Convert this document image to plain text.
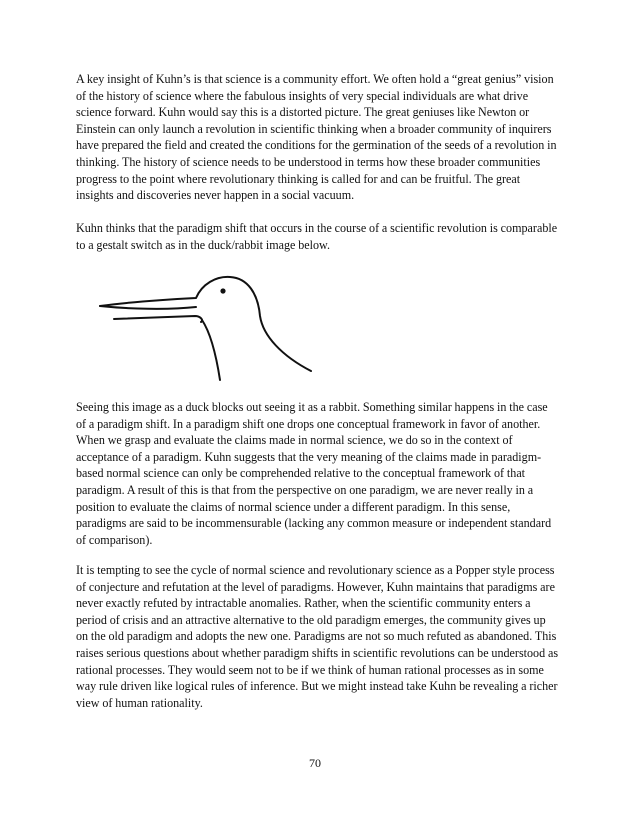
A key insight of Kuhn’s is that science is a community effort. We often hold a “great genius” vision of the history of science where the fabulous insights of very special individuals are what drive science forward. Kuhn would say this is a distorted picture. The great geniuses like Newton or Einstein can only launch a revolution in scientific thinking when a broader community of inquirers have prepared the field and created the conditions for the germination of the seeds of a revolution in thinking. The history of science needs to be understood in terms how these broader communities progress to the point where revolutionary thinking is called for and can be fruitful. The great insights and discoveries never happen in a social vacuum.

Kuhn thinks that the paradigm shift that occurs in the course of a scientific revolution is comparable to a gestalt switch as in the duck/rabbit image below.

Seeing this image as a duck blocks out seeing it as a rabbit. Something similar happens in the case of a paradigm shift. In a paradigm shift one drops one conceptual framework in favor of another. When we grasp and evaluate the claims made in normal science, we do so in the context of acceptance of a paradigm. Kuhn suggests that the very meaning of the claims made in paradigm-based normal science can only be comprehended relative to the conceptual framework of that paradigm. A result of this is that from the perspective on one paradigm, we are never really in a position to evaluate the claims of normal science under a different paradigm. In this sense, paradigms are said to be incommensurable (lacking any common measure or independent standard of comparison).

It is tempting to see the cycle of normal science and revolutionary science as a Popper style process of conjecture and refutation at the level of paradigms. However, Kuhn maintains that paradigms are never exactly refuted by intractable anomalies. Rather, when the scientific community enters a period of crisis and an attractive alternative to the old paradigm emerges, the community gives up on the old paradigm and adopts the new one. Paradigms are not so much refuted as abandoned. This raises serious questions about whether paradigm shifts in scientific revolutions can be understood as rational processes. They would seem not to be if we think of human rational processes as in some way rule driven like logical rules of inference. But we might instead take Kuhn be revealing a richer view of human rationality.

70
